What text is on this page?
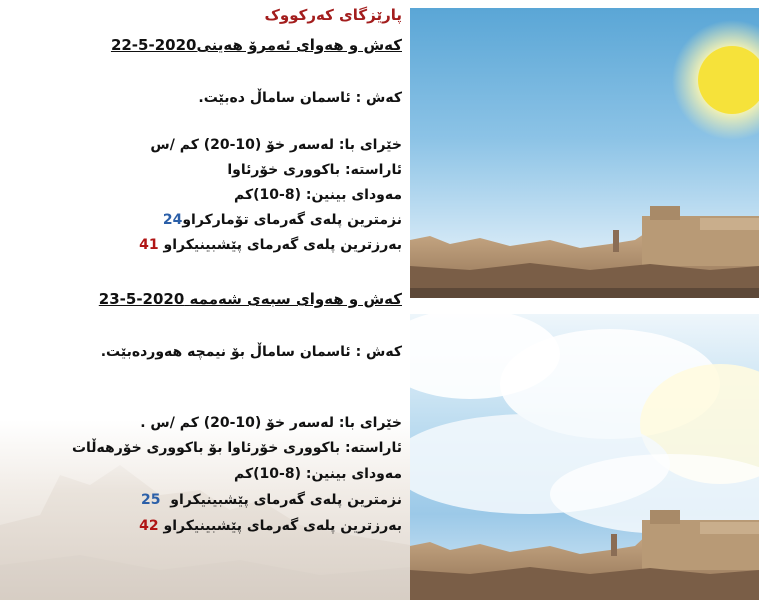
پارێزگای کەرکووک
کەش و هەوای ئەمرۆ هەینی22-5-2020
کەش : ئاسمان ساماڵ دەبێت.
خێرای با: لەسەر خۆ (10-20) کم /س
ئاراستە: باکووری خۆرئاوا
مەودای بینین: (8-10)کم
نزمترین پلەی گەرمای تۆمارکراو24
بەرزترین پلەی گەرمای پێشبینیکراو 41
کەش و هەوای سبەی شەممە 23-5-2020
کەش : ئاسمان ساماڵ بۆ نیمچە هەوردەبێت.
خێرای با: لەسەر خۆ (10-20) کم /س .
ئاراستە: باکووری خۆرئاوا بۆ باکووری خۆرهەڵات
مەودای بینین: (8-10)کم
نزمترین پلەی گەرمای پێشبینیکراو  25
بەرزترین پلەی گەرمای پێشبینیکراو 42
